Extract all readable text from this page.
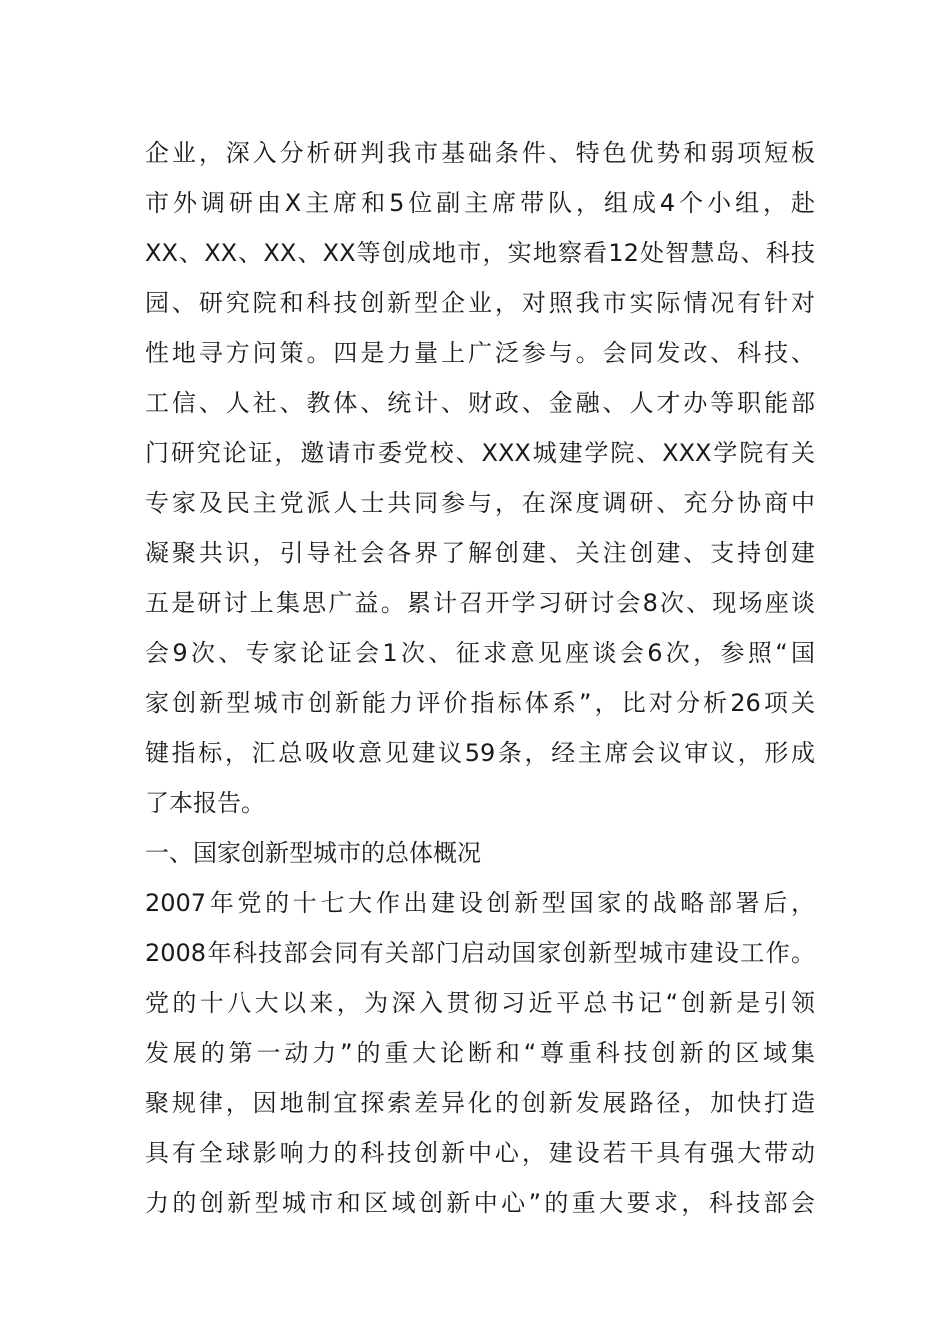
企业，深入分析研判我市基础条件、特色优势和弱项短板
市外调研由X主席和5位副主席带队，组成4个小组，赴
XX、XX、XX、XX等创成地市，实地察看12处智慧岛、科技
园、研究院和科技创新型企业，对照我市实际情况有针对
性地寻方问策。四是力量上广泛参与。会同发改、科技、
工信、人社、教体、统计、财政、金融、人才办等职能部
门研究论证，邀请市委党校、XXX城建学院、XXX学院有关
专家及民主党派人士共同参与，在深度调研、充分协商中
凝聚共识，引导社会各界了解创建、关注创建、支持创建
五是研讨上集思广益。累计召开学习研讨会8次、现场座谈
会9次、专家论证会1次、征求意见座谈会6次，参照“国
家创新型城市创新能力评价指标体系”，比对分析26项关
键指标，汇总吸收意见建议59条，经主席会议审议，形成
了本报告。
一、国家创新型城市的总体概况
2007年党的十七大作出建设创新型国家的战略部署后，
2008年科技部会同有关部门启动国家创新型城市建设工作。
党的十八大以来，为深入贯彻习近平总书记“创新是引领
发展的第一动力”的重大论断和“尊重科技创新的区域集
聚规律，因地制宜探索差异化的创新发展路径，加快打造
具有全球影响力的科技创新中心，建设若干具有强大带动
力的创新型城市和区域创新中心”的重大要求，科技部会
